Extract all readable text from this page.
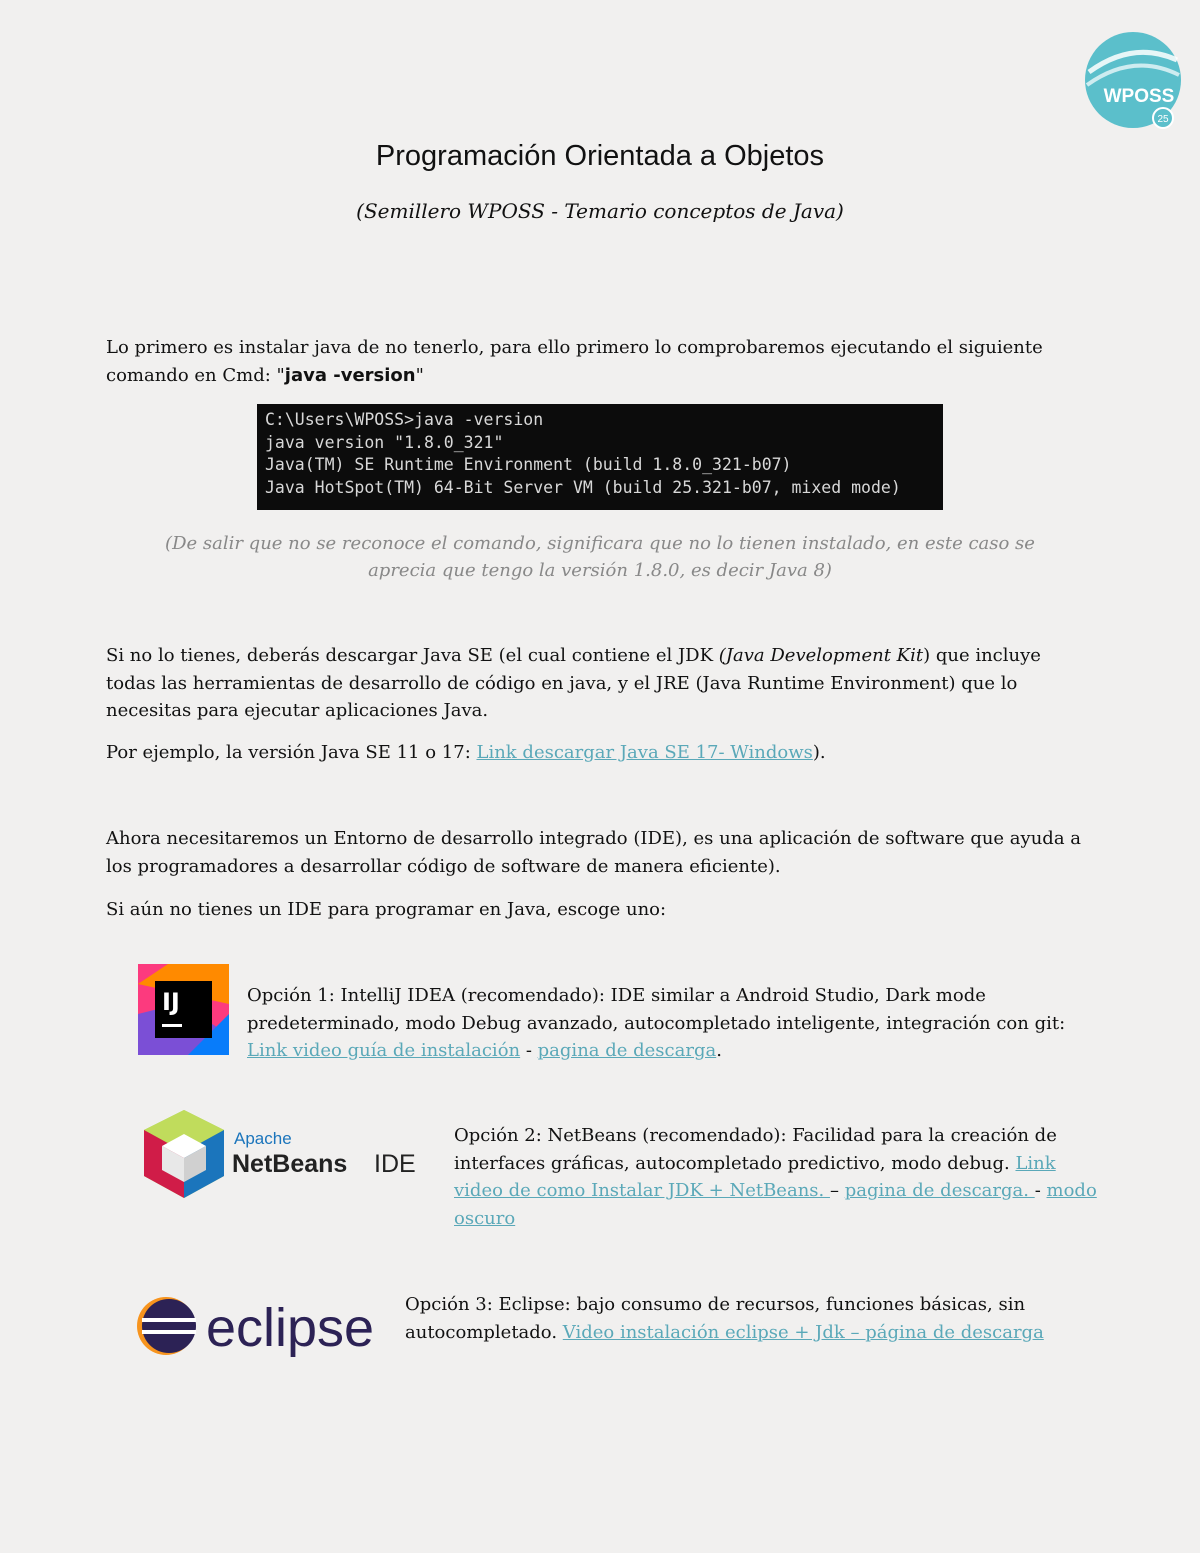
WPOSS
25
Programación Orientada a Objetos
(Semillero WPOSS - Temario conceptos de Java)
Lo primero es instalar java de no tenerlo, para ello primero lo comprobaremos ejecutando el siguiente comando en Cmd: "java -version"
C:\Users\WPOSS>java -version
java version "1.8.0_321"
Java(TM) SE Runtime Environment (build 1.8.0_321-b07)
Java HotSpot(TM) 64-Bit Server VM (build 25.321-b07, mixed mode)
(De salir que no se reconoce el comando, significara que no lo tienen instalado, en este caso se
aprecia que tengo la versión 1.8.0, es decir Java 8)
Si no lo tienes, deberás descargar Java SE (el cual contiene el JDK (Java Development Kit) que incluye todas las herramientas de desarrollo de código en java, y el JRE (Java Runtime Environment) que lo necesitas para ejecutar aplicaciones Java.
Por ejemplo, la versión Java SE 11 o 17: Link descargar Java SE 17- Windows).
Ahora necesitaremos un Entorno de desarrollo integrado (IDE), es una aplicación de software que ayuda a los programadores a desarrollar código de software de manera eficiente).
Si aún no tienes un IDE para programar en Java, escoge uno:
IJ	Opción 1: IntelliJ IDEA (recomendado): IDE similar a Android Studio, Dark mode predeterminado, modo Debug avanzado, autocompletado inteligente, integración con git: Link video guía de instalación - pagina de descarga.
Apache
NetBeans IDE
Opción 2: NetBeans (recomendado): Facilidad para la creación de interfaces gráficas, autocompletado predictivo, modo debug. Link video de como Instalar JDK + NetBeans. – pagina de descarga. - modo oscuro
eclipse Opción 3: Eclipse: bajo consumo de recursos, funciones básicas, sin autocompletado. Video instalación eclipse + Jdk – página de descarga
